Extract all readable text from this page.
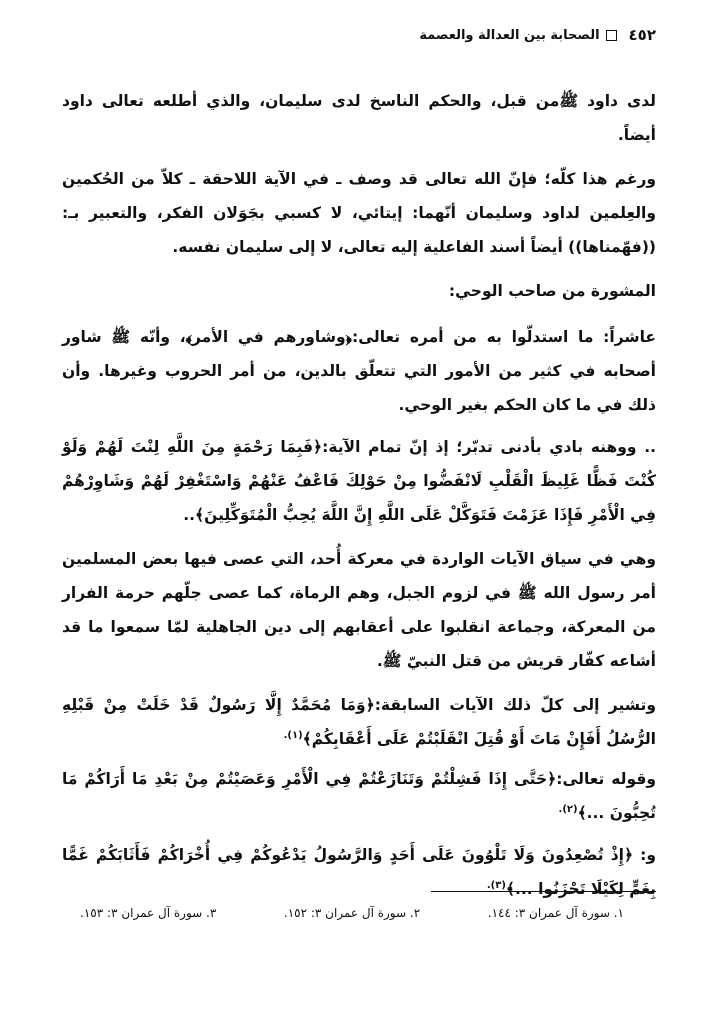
٤٥٢
الصحابة بين العدالة والعصمة

لدى داود ﷺمن قبل، والحكم الناسخ لدى سليمان، والذي أطلعه تعالى داود أيضاً.

ورغم هذا كلّه؛ فإنّ الله تعالى قد وصف ـ في الآية اللاحقة ـ كلاّ من الحُكمين والعِلمين لداود وسليمان أنّهما: إيتائي، لا كسبي بجَوَلان الفكر، والتعبير بـ: ((فهّمناها)) أيضاً أسند الفاعلية إليه تعالى، لا إلى سليمان نفسه.

المشورة من صاحب الوحي:

عاشراً: ما استدلّوا به من أمره تعالى:﴿وشاورهم في الأمر﴾، وأنّه ﷺ شاور أصحابه في كثير من الأمور التي تتعلّق بالدين، من أمر الحروب وغيرها. وأن ذلك في ما كان الحكم بغير الوحي.

.. ووهنه بادي بأدنى تدبّر؛ إذ إنّ تمام الآية:﴿فَبِمَا رَحْمَةٍ مِنَ اللَّهِ لِنْتَ لَهُمْ وَلَوْ كُنْتَ فَظًّا غَلِيظَ الْقَلْبِ لَانْفَضُّوا مِنْ حَوْلِكَ فَاعْفُ عَنْهُمْ وَاسْتَغْفِرْ لَهُمْ وَشَاوِرْهُمْ فِي الْأَمْرِ فَإِذَا عَزَمْتَ فَتَوَكَّلْ عَلَى اللَّهِ إِنَّ اللَّهَ يُحِبُّ الْمُتَوَكِّلِينَ﴾..

وهي في سياق الآيات الواردة في معركة أُحد، التي عصى فيها بعض المسلمين أمر رسول الله ﷺ في لزوم الجبل، وهم الرماة، كما عصى جلّهم حرمة الفرار من المعركة، وجماعة انقلبوا على أعقابهم إلى دين الجاهلية لمّا سمعوا ما قد أشاعه كفّار قريش من قتل النبيّ ﷺ.

وتشير إلى كلّ ذلك الآيات السابقة:﴿وَمَا مُحَمَّدٌ إِلَّا رَسُولٌ قَدْ خَلَتْ مِنْ قَبْلِهِ الرُّسُلُ أَفَإِنْ مَاتَ أَوْ قُتِلَ انْقَلَبْتُمْ عَلَى أَعْقَابِكُمْ﴾$^{(١).}$

وقوله تعالى:﴿حَتَّى إِذَا فَشِلْتُمْ وَتَنَازَعْتُمْ فِي الْأَمْرِ وَعَصَيْتُمْ مِنْ بَعْدِ مَا أَرَاكُمْ مَا تُحِبُّونَ ...﴾$^{(٢).}$

و: ﴿إِذْ تُصْعِدُونَ وَلَا تَلْوُونَ عَلَى أَحَدٍ وَالرَّسُولُ يَدْعُوكُمْ فِي أُخْرَاكُمْ فَأَثَابَكُمْ غَمًّا بِغَمٍّ لِكَيْلَا تَحْزَنُوا ...﴾$^{(٣).}$

١. سورة آل عمران ٣: ١٤٤.
٢. سورة آل عمران ٣: ١٥٢.
٣. سورة آل عمران ٣: ١٥٣.
